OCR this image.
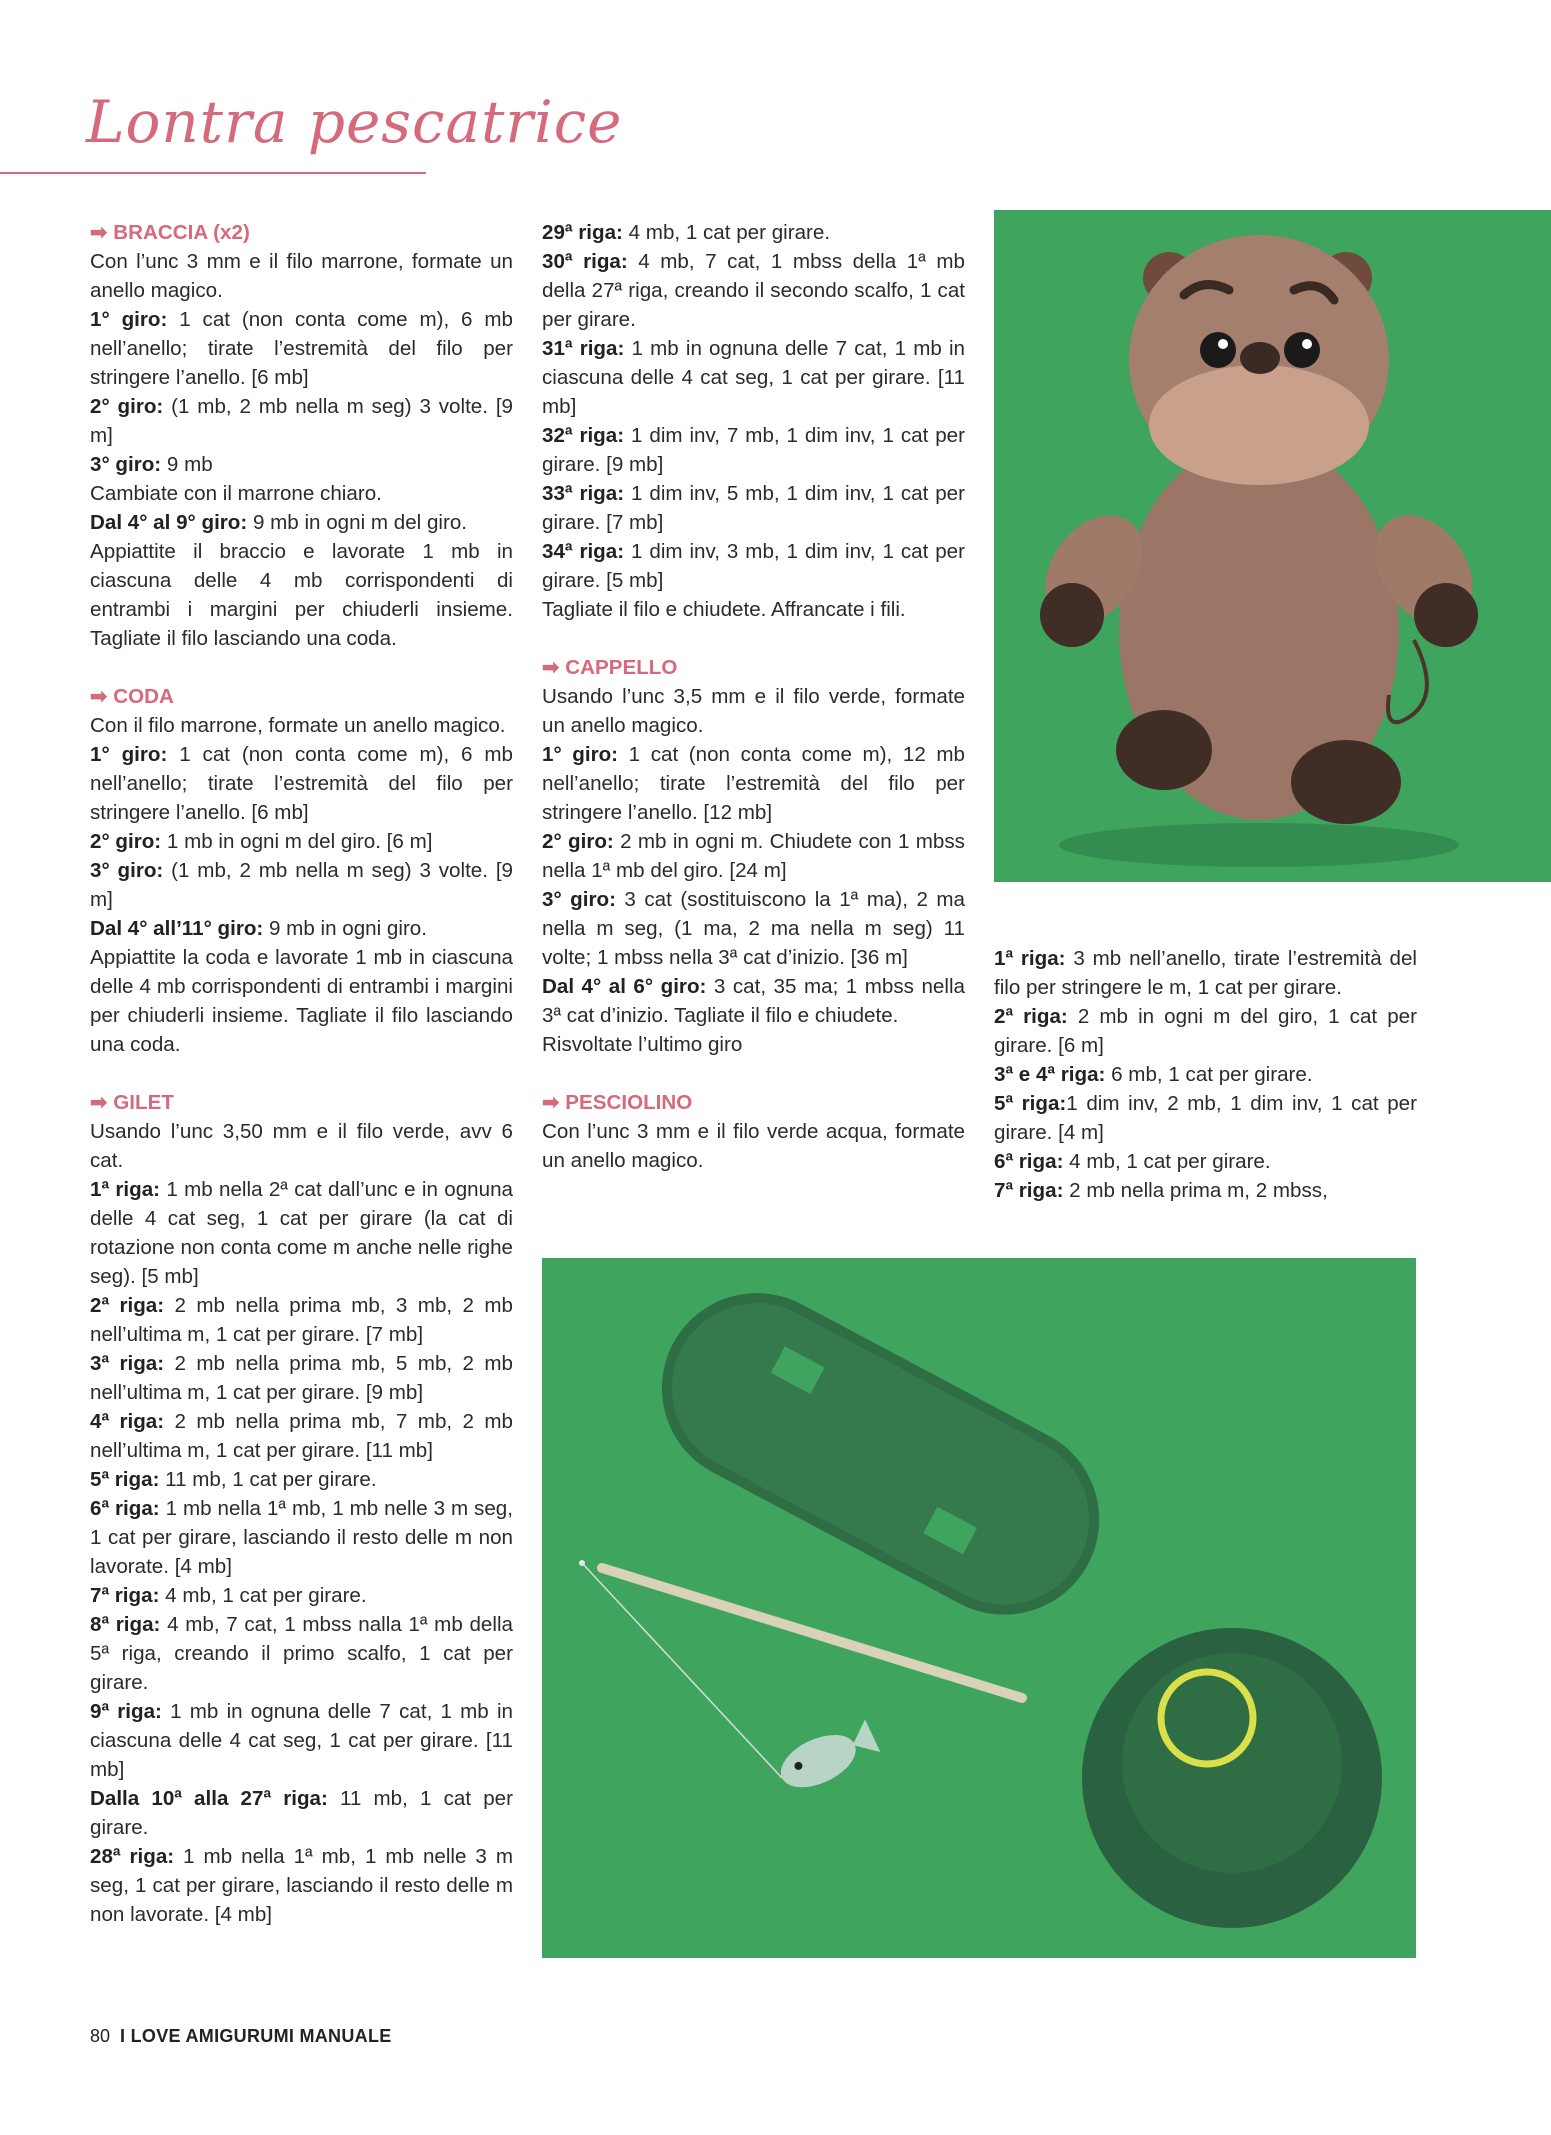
Lontra pescatrice

➡ BRACCIA (x2)

Con l’unc 3 mm e il filo marrone, formate un anello magico.

1° giro: 1 cat (non conta come m), 6 mb nell’anello; tirate l’estremità del filo per stringere l’anello. [6 mb]

2° giro: (1 mb, 2 mb nella m seg) 3 volte. [9 m]

3° giro: 9 mb

Cambiate con il marrone chiaro.

Dal 4° al 9° giro: 9 mb in ogni m del giro.

Appiattite il braccio e lavorate 1 mb in ciascuna delle 4 mb corrispondenti di entrambi i margini per chiuderli insieme. Tagliate il filo lasciando una coda.

➡ CODA

Con il filo marrone, formate un anello magico.

1° giro: 1 cat (non conta come m), 6 mb nell’anello; tirate l’estremità del filo per stringere l’anello. [6 mb]

2° giro: 1 mb in ogni m del giro. [6 m]

3° giro: (1 mb, 2 mb nella m seg) 3 volte. [9 m]

Dal 4° all’11° giro: 9 mb in ogni giro.

Appiattite la coda e lavorate 1 mb in ciascuna delle 4 mb corrispondenti di entrambi i margini per chiuderli insieme. Tagliate il filo lasciando una coda.

➡ GILET

Usando l’unc 3,50 mm e il filo verde, avv 6 cat.

1ª riga: 1 mb nella 2ª cat dall’unc e in ognuna delle 4 cat seg, 1 cat per girare (la cat di rotazione non conta come m anche nelle righe seg). [5 mb]

2ª riga: 2 mb nella prima mb, 3 mb, 2 mb nell’ultima m, 1 cat per girare. [7 mb]

3ª riga: 2 mb nella prima mb, 5 mb, 2 mb nell’ultima m, 1 cat per girare. [9 mb]

4ª riga: 2 mb nella prima mb, 7 mb, 2 mb nell’ultima m, 1 cat per girare. [11 mb]

5ª riga: 11 mb, 1 cat per girare.

6ª riga: 1 mb nella 1ª mb, 1 mb nelle 3 m seg, 1 cat per girare, lasciando il resto delle m non lavorate. [4 mb]

7ª riga: 4 mb, 1 cat per girare.

8ª riga: 4 mb, 7 cat, 1 mbss nalla 1ª mb della 5ª riga, creando il primo scalfo, 1 cat per girare.

9ª riga: 1 mb in ognuna delle 7 cat, 1 mb in ciascuna delle 4 cat seg, 1 cat per girare. [11 mb]

Dalla 10ª alla 27ª riga: 11 mb, 1 cat per girare.

28ª riga: 1 mb nella 1ª mb, 1 mb nelle 3 m seg, 1 cat per girare, lasciando il resto delle m non lavorate. [4 mb]

29ª riga: 4 mb, 1 cat per girare.

30ª riga: 4 mb, 7 cat, 1 mbss della 1ª mb della 27ª riga, creando il secondo scalfo, 1 cat per girare.

31ª riga: 1 mb in ognuna delle 7 cat, 1 mb in ciascuna delle 4 cat seg, 1 cat per girare. [11 mb]

32ª riga: 1 dim inv, 7 mb, 1 dim inv, 1 cat per girare. [9 mb]

33ª riga: 1 dim inv, 5 mb, 1 dim inv, 1 cat per girare. [7 mb]

34ª riga: 1 dim inv, 3 mb, 1 dim inv, 1 cat per girare. [5 mb]

Tagliate il filo e chiudete. Affrancate i fili.

➡ CAPPELLO

Usando l’unc 3,5 mm e il filo verde, formate un anello magico.

1° giro: 1 cat (non conta come m), 12 mb nell’anello; tirate l’estremità del filo per stringere l’anello. [12 mb]

2° giro: 2 mb in ogni m. Chiudete con 1 mbss nella 1ª mb del giro. [24 m]

3° giro: 3 cat (sostituiscono la 1ª ma), 2 ma nella m seg, (1 ma, 2 ma nella m seg) 11 volte; 1 mbss nella 3ª cat d’inizio. [36 m]

Dal 4° al 6° giro: 3 cat, 35 ma; 1 mbss nella 3ª cat d’inizio. Tagliate il filo e chiudete.

Risvoltate l’ultimo giro

➡ PESCIOLINO

Con l’unc 3 mm e il filo verde acqua, formate un anello magico.

1ª riga: 3 mb nell’anello, tirate l’estremità del filo per stringere le m, 1 cat per girare.

2ª riga: 2 mb in ogni m del giro, 1 cat per girare. [6 m]

3ª e 4ª riga: 6 mb, 1 cat per girare.

5ª riga:1 dim inv, 2 mb, 1 dim inv, 1 cat per girare. [4 m]

6ª riga: 4 mb, 1 cat per girare.

7ª riga: 2 mb nella prima m, 2 mbss,

80 I LOVE AMIGURUMI MANUALE
